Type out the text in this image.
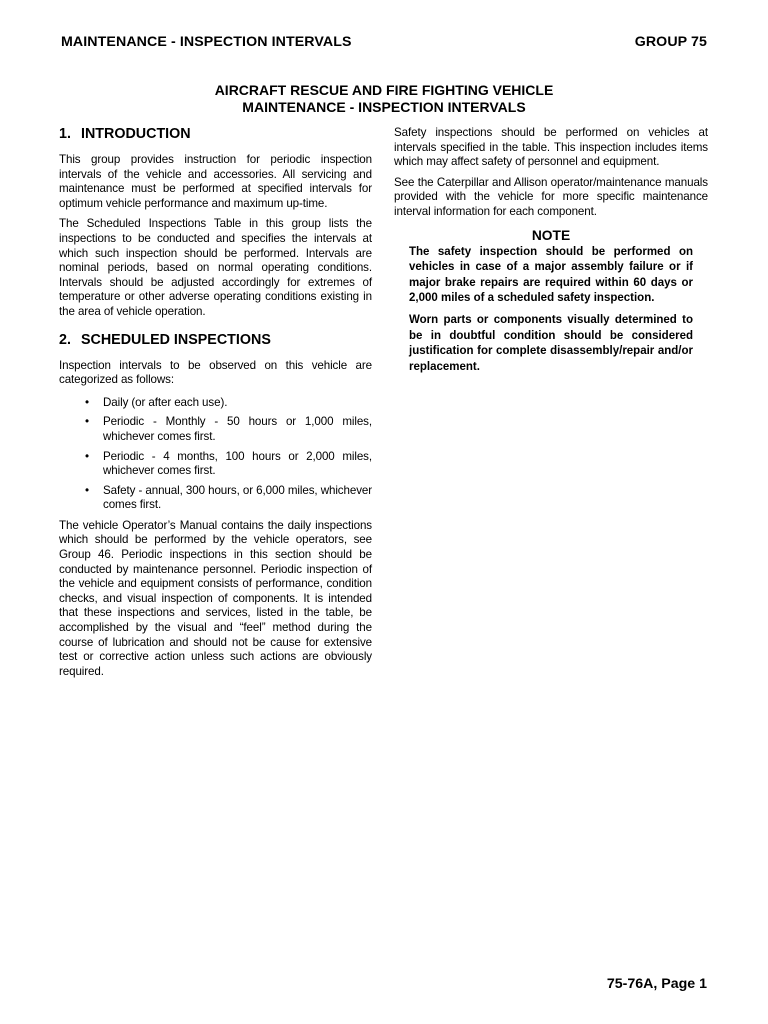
MAINTENANCE - INSPECTION INTERVALS	GROUP 75
AIRCRAFT RESCUE AND FIRE FIGHTING VEHICLE
MAINTENANCE - INSPECTION INTERVALS
1. INTRODUCTION

This group provides instruction for periodic inspection intervals of the vehicle and accessories. All servicing and maintenance must be performed at specified intervals for optimum vehicle performance and maximum up-time.

The Scheduled Inspections Table in this group lists the inspections to be conducted and specifies the intervals at which such inspection should be performed. Intervals are nominal periods, based on normal operating conditions. Intervals should be adjusted accordingly for extremes of temperature or other adverse operating conditions existing in the area of vehicle operation.

2. SCHEDULED INSPECTIONS

Inspection intervals to be observed on this vehicle are categorized as follows:

• Daily (or after each use).
• Periodic - Monthly - 50 hours or 1,000 miles, whichever comes first.
• Periodic - 4 months, 100 hours or 2,000 miles, whichever comes first.
• Safety - annual, 300 hours, or 6,000 miles, whichever comes first.

The vehicle Operator’s Manual contains the daily inspections which should be performed by the vehicle operators, see Group 46. Periodic inspections in this section should be conducted by maintenance personnel. Periodic inspection of the vehicle and equipment consists of performance, condition checks, and visual inspection of components. It is intended that these inspections and services, listed in the table, be accomplished by the visual and “feel” method during the course of lubrication and should not be cause for extensive test or corrective action unless such actions are obviously required.

Safety inspections should be performed on vehicles at intervals specified in the table. This inspection includes items which may affect safety of personnel and equipment.

See the Caterpillar and Allison operator/maintenance manuals provided with the vehicle for more specific maintenance interval information for each component.

NOTE

The safety inspection should be performed on vehicles in case of a major assembly failure or if major brake repairs are required within 60 days or 2,000 miles of a scheduled safety inspection.

Worn parts or components visually determined to be in doubtful condition should be considered justification for complete disassembly/repair and/or replacement.

75-76A, Page 1
